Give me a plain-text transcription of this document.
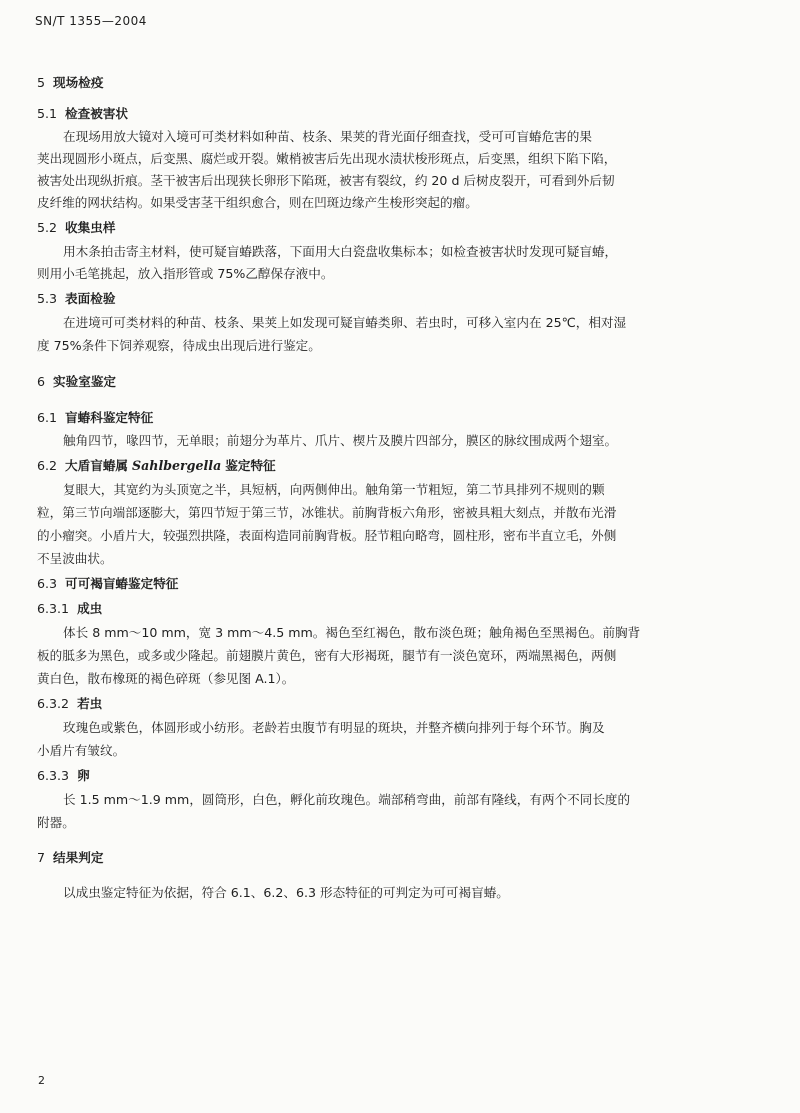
SN/T 1355—2004
5 现场检疫
5.1 检查被害状
在现场用放大镜对入境可可类材料如种苗、枝条、果荚的背光面仔细查找，受可可盲蝽危害的果
荚出现圆形小斑点，后变黑、腐烂或开裂。嫩梢被害后先出现水渍状梭形斑点，后变黑，组织下陷下陷，
被害处出现纵折痕。茎干被害后出现狭长卵形下陷斑，被害有裂纹，约 20 d 后树皮裂开，可看到外后韧
皮纤维的网状结构。如果受害茎干组织愈合，则在凹斑边缘产生梭形突起的瘤。
5.2 收集虫样
用木条拍击寄主材料，使可疑盲蝽跌落，下面用大白瓷盘收集标本；如检查被害状时发现可疑盲蝽，
则用小毛笔挑起，放入指形管或 75%乙醇保存液中。
5.3 表面检验
在进境可可类材料的种苗、枝条、果荚上如发现可疑盲蝽类卵、若虫时，可移入室内在 25℃，相对湿
度 75%条件下饲养观察，待成虫出现后进行鉴定。
6 实验室鉴定
6.1 盲蝽科鉴定特征
触角四节，喙四节，无单眼；前翅分为革片、爪片、楔片及膜片四部分，膜区的脉纹围成两个翅室。
6.2 大盾盲蝽属 Sahlbergella 鉴定特征
复眼大，其宽约为头顶宽之半，具短柄，向两侧伸出。触角第一节粗短，第二节具排列不规则的颗
粒，第三节向端部逐膨大，第四节短于第三节，冰锥状。前胸背板六角形，密被具粗大刻点，并散布光滑
的小瘤突。小盾片大，较强烈拱隆，表面构造同前胸背板。胫节粗向略弯，圆柱形，密布半直立毛，外侧
不呈波曲状。
6.3 可可褐盲蝽鉴定特征
6.3.1 成虫
体长 8 mm～10 mm，宽 3 mm～4.5 mm。褐色至红褐色，散布淡色斑；触角褐色至黑褐色。前胸背
板的胝多为黑色，或多或少隆起。前翅膜片黄色，密有大形褐斑，腿节有一淡色宽环，两端黑褐色，两侧
黄白色，散布橡斑的褐色碎斑（参见图 A.1）。
6.3.2 若虫
玫瑰色或紫色，体圆形或小纺形。老龄若虫腹节有明显的斑块，并整齐横向排列于每个环节。胸及
小盾片有皱纹。
6.3.3 卵
长 1.5 mm～1.9 mm，圆筒形，白色，孵化前玫瑰色。端部稍弯曲，前部有隆线，有两个不同长度的
附器。
7 结果判定
以成虫鉴定特征为依据，符合 6.1、6.2、6.3 形态特征的可判定为可可褐盲蝽。
2
